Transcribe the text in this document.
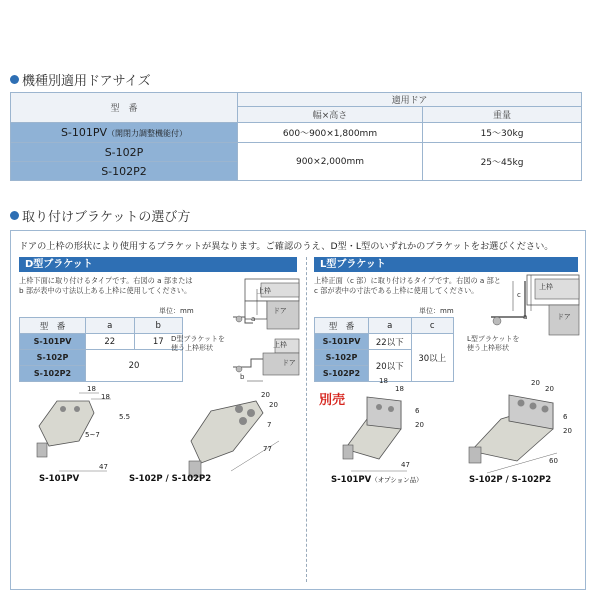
機種別適用ドアサイズ
型　番	適用ドア	
	幅×高さ	重量
S-101PV（開閉力調整機能付）	600～900×1,800mm	15～30kg
S-102P	900×2,000mm	25～45kg
S-102P2		
取り付けブラケットの選び方
ドアの上枠の形状により使用するブラケットが異なります。ご確認のうえ、D型・L型のいずれかのブラケットをお選びください。
D型ブラケット
上枠下面に取り付けるタイプです。右図の a 部または
b 部が表中の寸法以上ある上枠に使用してください。
単位：mm
型　番	a	b
S-101PV	22	17
S-102P	20	
S-102P2		
上枠
ドア
a
上枠
ドア
b
D型ブラケットを
使う上枠形状
18
18
5.5
5~7
47
S-101PV
20
20
7
77
S-102P / S-102P2
L型ブラケット
上枠正面（c 部）に取り付けるタイプです。右図の a 部と
c 部が表中の寸法である上枠に使用してください。
単位：mm
型　番	a	c
S-101PV	22以下	30以上
S-102P	20以下	
S-102P2		
上枠
ドア
c
a
L型ブラケットを
使う上枠形状
別売
18
18
6
20
47
S-101PV（オプション品）
20
20
6
20
60
S-102P / S-102P2
